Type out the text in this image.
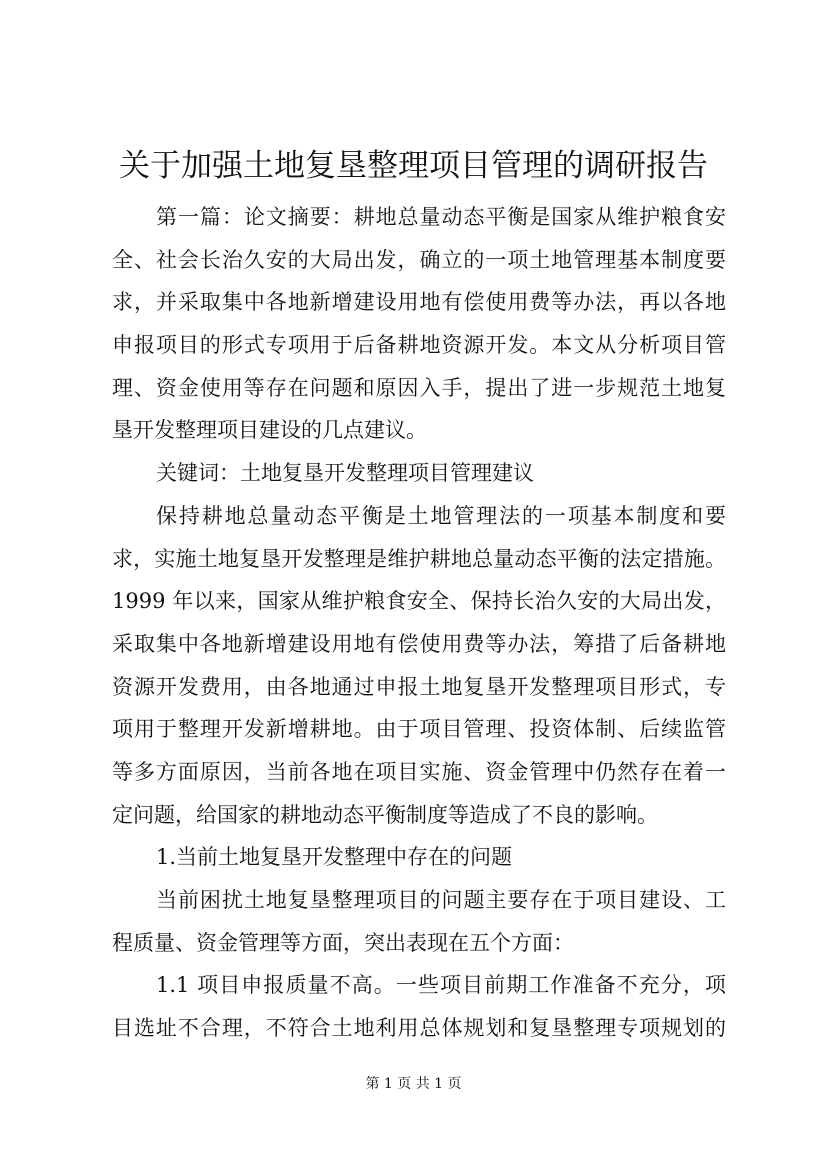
关于加强土地复垦整理项目管理的调研报告
第一篇：论文摘要：耕地总量动态平衡是国家从维护粮食安
全、社会长治久安的大局出发，确立的一项土地管理基本制度要
求，并采取集中各地新增建设用地有偿使用费等办法，再以各地
申报项目的形式专项用于后备耕地资源开发。本文从分析项目管
理、资金使用等存在问题和原因入手，提出了进一步规范土地复
垦开发整理项目建设的几点建议。
关键词：土地复垦开发整理项目管理建议
保持耕地总量动态平衡是土地管理法的一项基本制度和要
求，实施土地复垦开发整理是维护耕地总量动态平衡的法定措施。
1999 年以来，国家从维护粮食安全、保持长治久安的大局出发，
采取集中各地新增建设用地有偿使用费等办法，筹措了后备耕地
资源开发费用，由各地通过申报土地复垦开发整理项目形式，专
项用于整理开发新增耕地。由于项目管理、投资体制、后续监管
等多方面原因，当前各地在项目实施、资金管理中仍然存在着一
定问题，给国家的耕地动态平衡制度等造成了不良的影响。
1.当前土地复垦开发整理中存在的问题
当前困扰土地复垦整理项目的问题主要存在于项目建设、工
程质量、资金管理等方面，突出表现在五个方面：
1.1 项目申报质量不高。一些项目前期工作准备不充分，项
目选址不合理，不符合土地利用总体规划和复垦整理专项规划的
第 1 页 共 1 页
